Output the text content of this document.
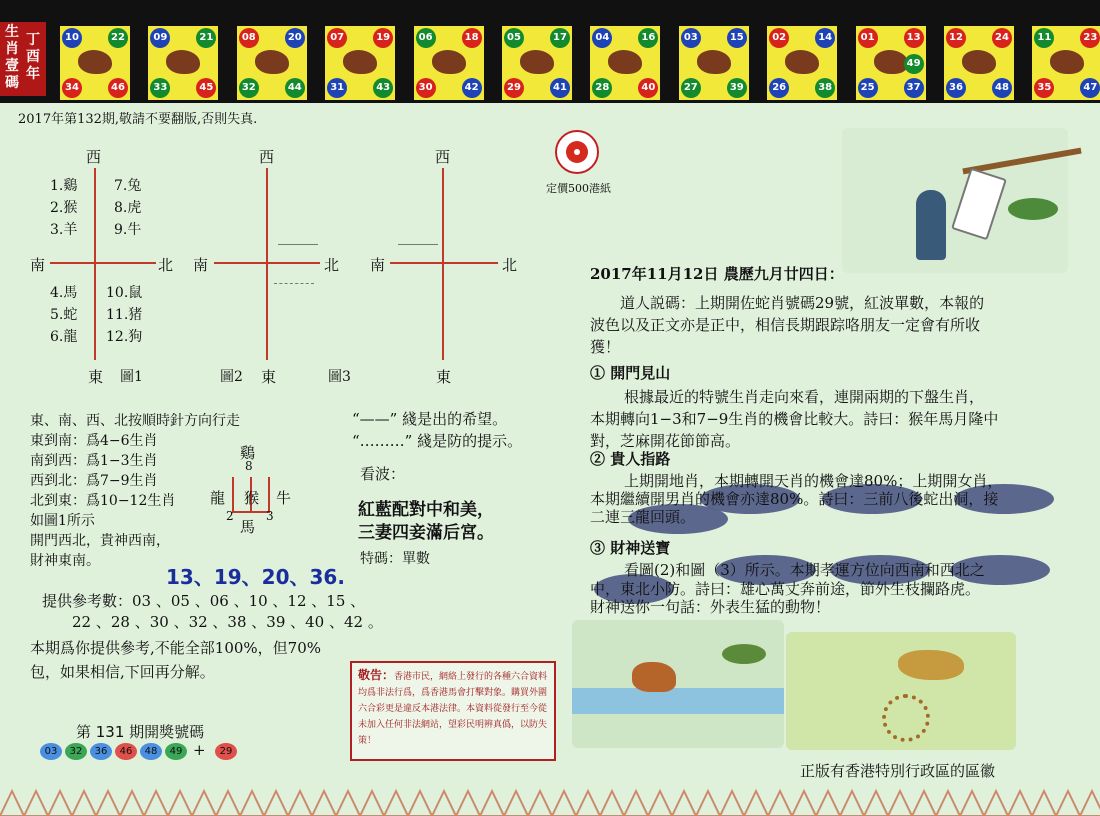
生
肖
壹
碼
丁
酉
年
10	22
34	46
09	21
33	45
08	20
32	44
07	19
31	43
06	18
30	42
05	17
29	41
04	16
28	40
03	15
27	39
02	14
26	38
01	13
25	37
49
12	24
36	48
11	23
35	47
2017年第132期,敬請不要翻版,否則失真.
西
南	北
東 圖1
1.鷄
2.猴
3.羊
4.馬
5.蛇
6.龍
7.兔
8.虎
9.牛
10.鼠
11.猪
12.狗
西
南	北
東
圖2
西
南	北
東
圖3
東、南、西、北按順時針方向行走
東到南：爲4−6生肖
南到西：爲1−3生肖
西到北：爲7−9生肖
北到東：爲10−12生肖
如圖1所示
開門西北，貴神西南，
財神東南。
“——” 綫是出的希望。
“………” 綫是防的提示。
鷄
8
猴
龍	牛
2	3
馬
看波：
紅藍配對中和美，
三妻四妾滿后宮。
特碼：單數
13、19、20、36.
提供參考數：03 、05 、06 、10 、12 、15 、
22 、28 、30 、32 、38 、39 、40 、42 。
本期爲你提供參考,不能全部100%，但70%
包，如果相信,下回再分解。
第 131 期開獎號碼
03	32	36	46	48	49 +	29
敬告：香港市民，網絡上發行的各種六合資料均爲非法行爲，爲香港馬會打擊對象。購買外圍六合彩更是違反本港法律。本資料從發行至今從未加入任何非法網站，望彩民明辨真僞，以防失策！
定價500港紙
2017年11月12日 農歷九月廿四日：
道人説碼：上期開佐蛇肖號碼29號，紅波單數，本報的
波色以及正文亦是正中，相信長期跟踪咯朋友一定會有所收
獲！
① 開門見山
根據最近的特號生肖走向來看，連開兩期的下盤生肖，
本期轉向1−3和7−9生肖的機會比較大。詩曰：猴年馬月隆中
對，芝麻開花節節高。
② 貴人指路
上期開地肖，本期轉開天肖的機會達80%；上期開女肖，
本期繼續開男肖的機會亦達80%。詩曰：三前八後蛇出洞，接
二連三龍回頭。
③ 財神送寶
看圖(2)和圖（3）所示。本期孝運方位向西南和西北之
中，東北小防。詩曰：雄心萬丈奔前途，節外生枝攔路虎。
財神送你一句話：外表生猛的動物！
正版有香港特別行政區的區徽
